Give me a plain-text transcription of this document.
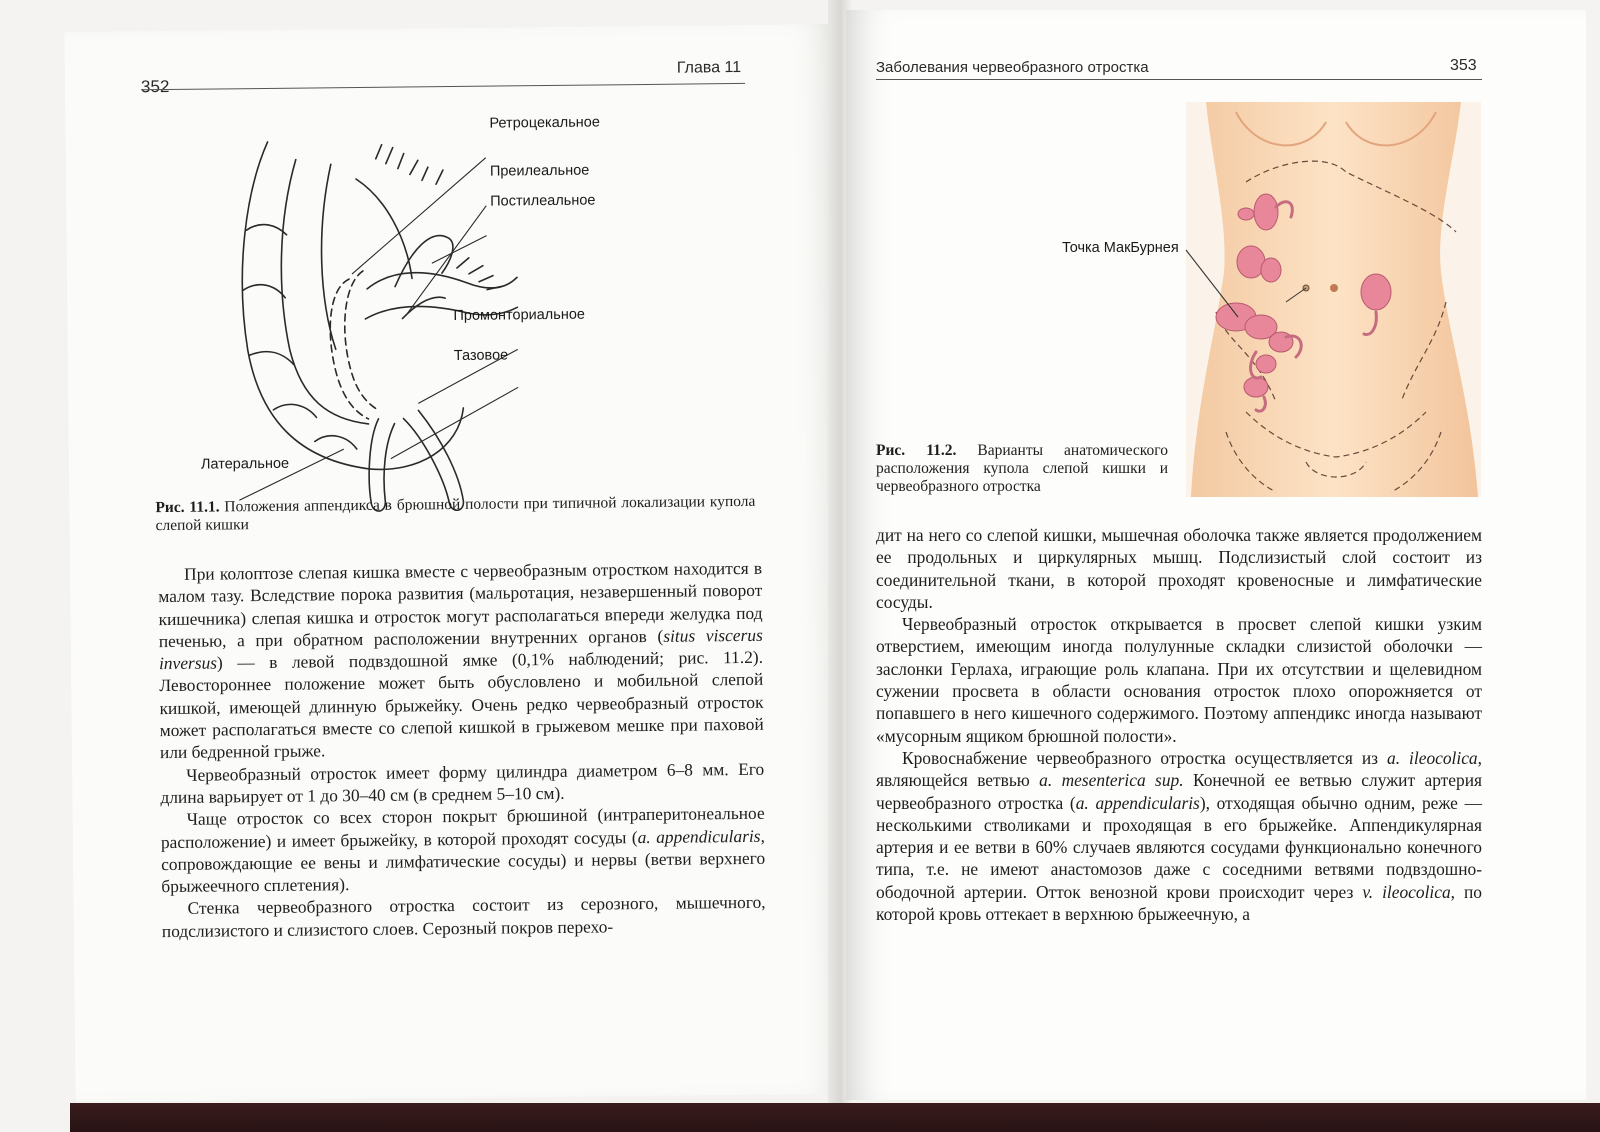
352
Глава 11
Ретроцекальное
Преилеальное
Постилеальное
Промонториальное
Тазовое
Латеральное
Рис. 11.1. Положения аппендикса в брюшной полости при типичной локализации купола слепой кишки

При колоптозе слепая кишка вместе с червеобразным отростком находится в малом тазу. Вследствие порока развития (мальротация, незавершенный поворот кишечника) слепая кишка и отросток могут располагаться впереди желудка под печенью, а при обратном расположении внутренних органов (situs viscerus inversus) — в левой подвздошной ямке (0,1% наблюдений; рис. 11.2). Левостороннее положение может быть обусловлено и мобильной слепой кишкой, имеющей длинную брыжейку. Очень редко червеобразный отросток может располагаться вместе со слепой кишкой в грыжевом мешке при паховой или бедренной грыже.

Червеобразный отросток имеет форму цилиндра диаметром 6–8 мм. Его длина варьирует от 1 до 30–40 см (в среднем 5–10 см).

Чаще отросток со всех сторон покрыт брюшиной (интраперитонеальное расположение) и имеет брыжейку, в которой проходят сосуды (a. appendicularis, сопровождающие ее вены и лимфатические сосуды) и нервы (ветви верхнего брыжеечного сплетения).

Стенка червеобразного отростка состоит из серозного, мышечного, подслизистого и слизистого слоев. Серозный покров перехо-

Заболевания червеобразного отростка	353
Точка МакБурнея
Рис. 11.2. Варианты анатомического расположения купола слепой кишки и червеобразного отростка

дит на него со слепой кишки, мышечная оболочка также является продолжением ее продольных и циркулярных мышц. Подслизистый слой состоит из соединительной ткани, в которой проходят кровеносные и лимфатические сосуды.

Червеобразный отросток открывается в просвет слепой кишки узким отверстием, имеющим иногда полулунные складки слизистой оболочки — заслонки Герлаха, играющие роль клапана. При их отсутствии и щелевидном сужении просвета в области основания отросток плохо опорожняется от попавшего в него кишечного содержимого. Поэтому аппендикс иногда называют «мусорным ящиком брюшной полости».

Кровоснабжение червеобразного отростка осуществляется из a. ileocolica, являющейся ветвью a. mesenterica sup. Конечной ее ветвью служит артерия червеобразного отростка (a. appendicularis), отходящая обычно одним, реже — несколькими стволиками и проходящая в его брыжейке. Аппендикулярная артерия и ее ветви в 60% случаев являются сосудами функционально конечного типа, т.е. не имеют анастомозов даже с соседними ветвями подвздошно-ободочной артерии. Отток венозной крови происходит через v. ileocolica, по которой кровь оттекает в верхнюю брыжеечную, а
